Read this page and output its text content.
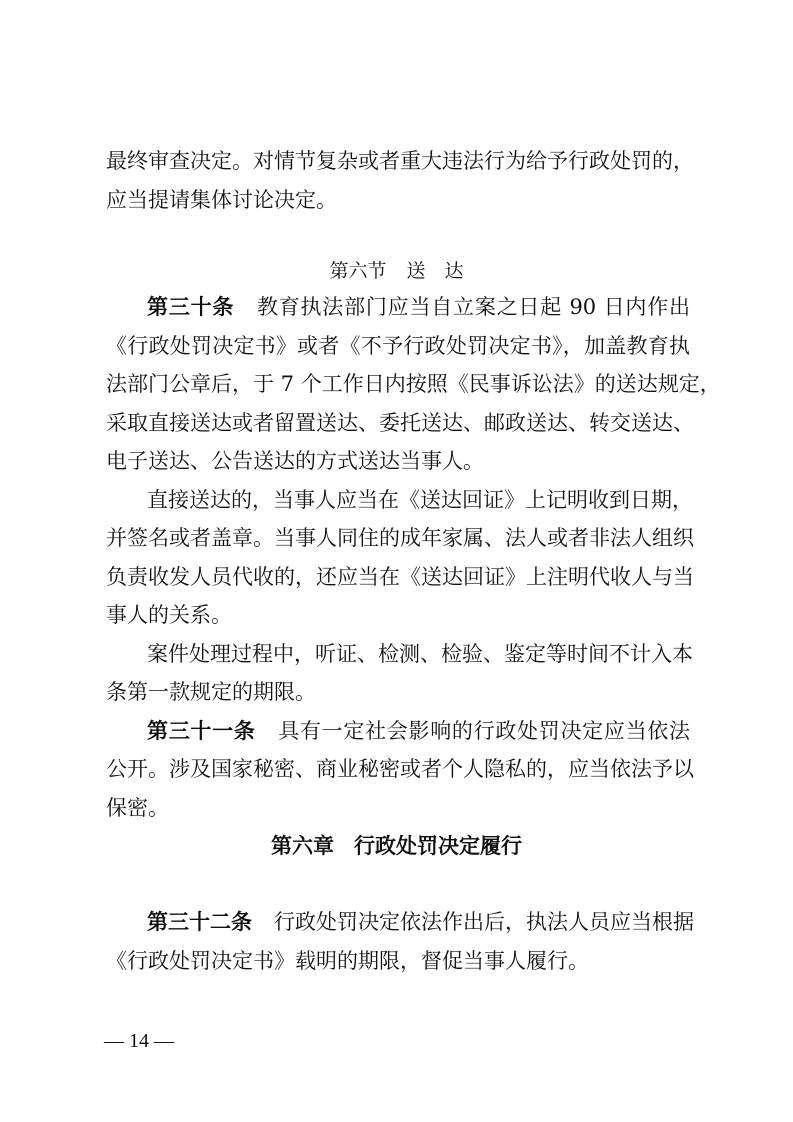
最终审查决定。对情节复杂或者重大违法行为给予行政处罚的，
应当提请集体讨论决定。
第六节 送　达
第三十条 教育执法部门应当自立案之日起 90 日内作出
《行政处罚决定书》或者《不予行政处罚决定书》，加盖教育执
法部门公章后，于 7 个工作日内按照《民事诉讼法》的送达规定，
采取直接送达或者留置送达、委托送达、邮政送达、转交送达、
电子送达、公告送达的方式送达当事人。
直接送达的，当事人应当在《送达回证》上记明收到日期，
并签名或者盖章。当事人同住的成年家属、法人或者非法人组织
负责收发人员代收的，还应当在《送达回证》上注明代收人与当
事人的关系。
案件处理过程中，听证、检测、检验、鉴定等时间不计入本
条第一款规定的期限。
第三十一条 具有一定社会影响的行政处罚决定应当依法
公开。涉及国家秘密、商业秘密或者个人隐私的，应当依法予以
保密。
第六章 行政处罚决定履行
第三十二条 行政处罚决定依法作出后，执法人员应当根据
《行政处罚决定书》载明的期限，督促当事人履行。
— 14 —
